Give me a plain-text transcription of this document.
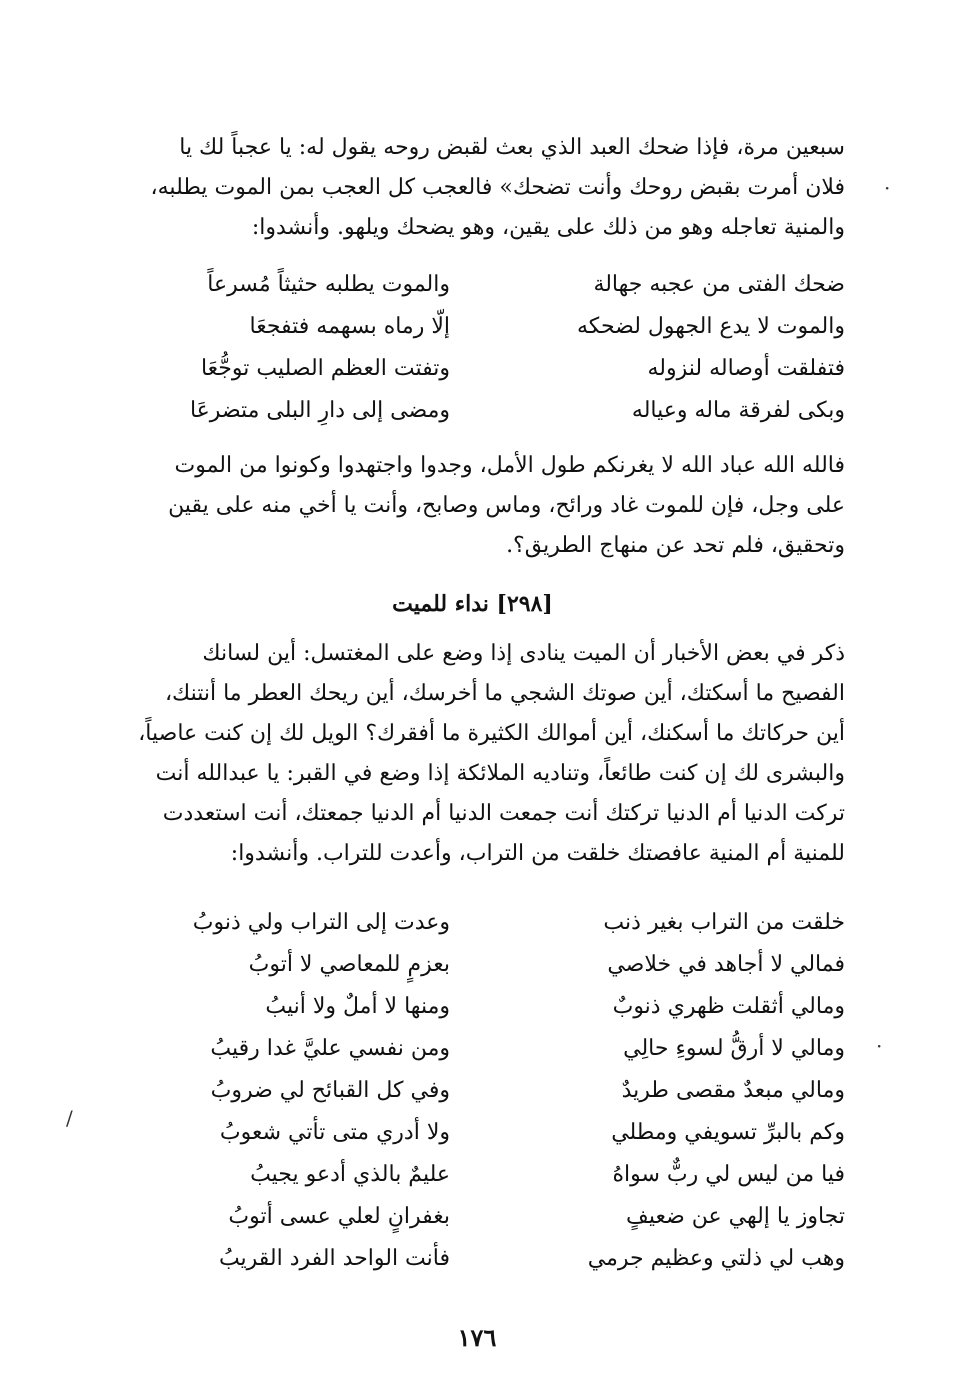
سبعين مرة، فإذا ضحك العبد الذي بعث لقبض روحه يقول له: يا عجباً لك يا
فلان أمرت بقبض روحك وأنت تضحك» فالعجب كل العجب بمن الموت يطلبه،
والمنية تعاجله وهو من ذلك على يقين، وهو يضحك ويلهو. وأنشدوا:
ضحك الفتى من عجبه جهالة
والموت يطلبه حثيثاً مُسرعاً
والموت لا يدع الجهول لضحكه
إلّا رماه بسهمه فتفجعَا
فتفلقت أوصاله لنزوله
وتفتت العظم الصليب توجُّعَا
وبكى لفرقة ماله وعياله
ومضى إلى دارِ البلى متضرعَا
فالله الله عباد الله لا يغرنكم طول الأمل، وجدوا واجتهدوا وكونوا من الموت
على وجل، فإن للموت غاد ورائح، وماس وصابح، وأنت يا أخي منه على يقين
وتحقيق، فلم تحد عن منهاج الطريق؟.
[٢٩٨] نداء للميت
ذكر في بعض الأخبار أن الميت ينادى إذا وضع على المغتسل: أين لسانك
الفصيح ما أسكتك، أين صوتك الشجي ما أخرسك، أين ريحك العطر ما أنتنك،
أين حركاتك ما أسكنك، أين أموالك الكثيرة ما أفقرك؟ الويل لك إن كنت عاصياً،
والبشرى لك إن كنت طائعاً، وتناديه الملائكة إذا وضع في القبر: يا عبدالله أنت
تركت الدنيا أم الدنيا تركتك أنت جمعت الدنيا أم الدنيا جمعتك، أنت استعددت
للمنية أم المنية عافصتك خلقت من التراب، وأعدت للتراب. وأنشدوا:
خلقت من التراب بغير ذنب
وعدت إلى التراب ولي ذنوبُ
فمالي لا أجاهد في خلاصي
بعزمٍ للمعاصي لا أتوبُ
ومالي أثقلت ظهري ذنوبٌ
ومنها لا أملٌ ولا أنيبُ
ومالي لا أرقُّ لسوءِ حالِي
ومن نفسي عليَّ غدا رقيبُ
ومالي مبعدٌ مقصى طريدٌ
وفي كل القبائح لي ضروبُ
وكم بالبرِّ تسويفي ومطلي
ولا أدري متى تأتي شعوبُ
فيا من ليس لي ربٌّ سواهُ
عليمٌ بالذي أدعو يجيبُ
تجاوز يا إلهي عن ضعيفٍ
بغفرانٍ لعلي عسى أتوبُ
وهب لي ذلتي وعظيم جرمي
فأنت الواحد الفرد القريبُ
١٧٦
·
·
/
